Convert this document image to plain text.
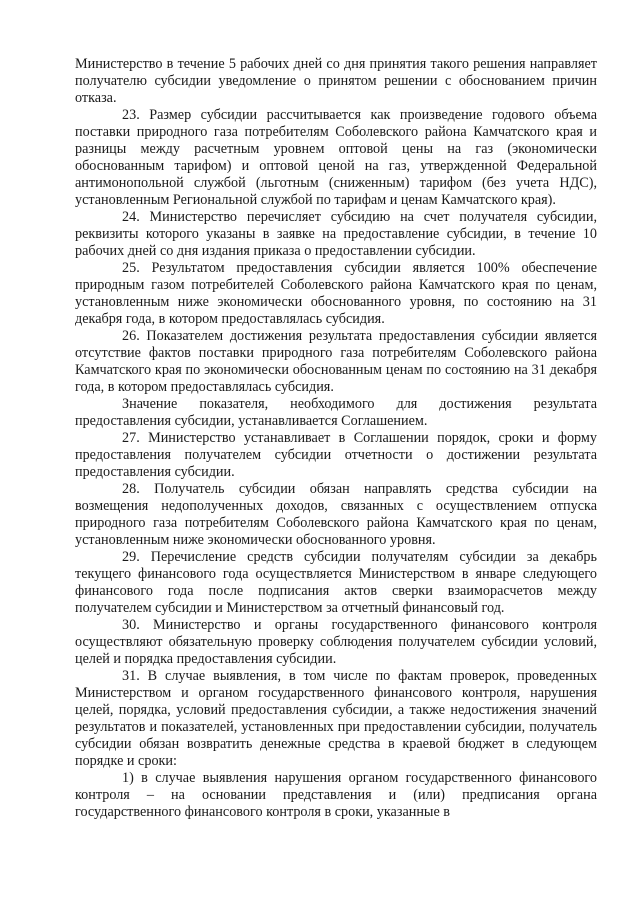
Министерство в течение 5 рабочих дней со дня принятия такого решения направляет получателю субсидии уведомление о принятом решении с обоснованием причин отказа.

23. Размер субсидии рассчитывается как произведение годового объема поставки природного газа потребителям Соболевского района Камчатского края и разницы между расчетным уровнем оптовой цены на газ (экономически обоснованным тарифом) и оптовой ценой на газ, утвержденной Федеральной антимонопольной службой (льготным (сниженным) тарифом (без учета НДС), установленным Региональной службой по тарифам и ценам Камчатского края).

24. Министерство перечисляет субсидию на счет получателя субсидии, реквизиты которого указаны в заявке на предоставление субсидии, в течение 10 рабочих дней со дня издания приказа о предоставлении субсидии.

25. Результатом предоставления субсидии является 100% обеспечение природным газом потребителей Соболевского района Камчатского края по ценам, установленным ниже экономически обоснованного уровня, по состоянию на 31 декабря года, в котором предоставлялась субсидия.

26. Показателем достижения результата предоставления субсидии является отсутствие фактов поставки природного газа потребителям Соболевского района Камчатского края по экономически обоснованным ценам по состоянию на 31 декабря года, в котором предоставлялась субсидия.

Значение показателя, необходимого для достижения результата предоставления субсидии, устанавливается Соглашением.

27. Министерство устанавливает в Соглашении порядок, сроки и форму предоставления получателем субсидии отчетности о достижении результата предоставления субсидии.

28. Получатель субсидии обязан направлять средства субсидии на возмещения недополученных доходов, связанных с осуществлением отпуска природного газа потребителям Соболевского района Камчатского края по ценам, установленным ниже экономически обоснованного уровня.

29. Перечисление средств субсидии получателям субсидии за декабрь текущего финансового года осуществляется Министерством в январе следующего финансового года после подписания актов сверки взаиморасчетов между получателем субсидии и Министерством за отчетный финансовый год.

30. Министерство и органы государственного финансового контроля осуществляют обязательную проверку соблюдения получателем субсидии условий, целей и порядка предоставления субсидии.

31. В случае выявления, в том числе по фактам проверок, проведенных Министерством и органом государственного финансового контроля, нарушения целей, порядка, условий предоставления субсидии, а также недостижения значений результатов и показателей, установленных при предоставлении субсидии, получатель субсидии обязан возвратить денежные средства в краевой бюджет в следующем порядке и сроки:

1) в случае выявления нарушения органом государственного финансового контроля – на основании представления и (или) предписания органа государственного финансового контроля в сроки, указанные в
